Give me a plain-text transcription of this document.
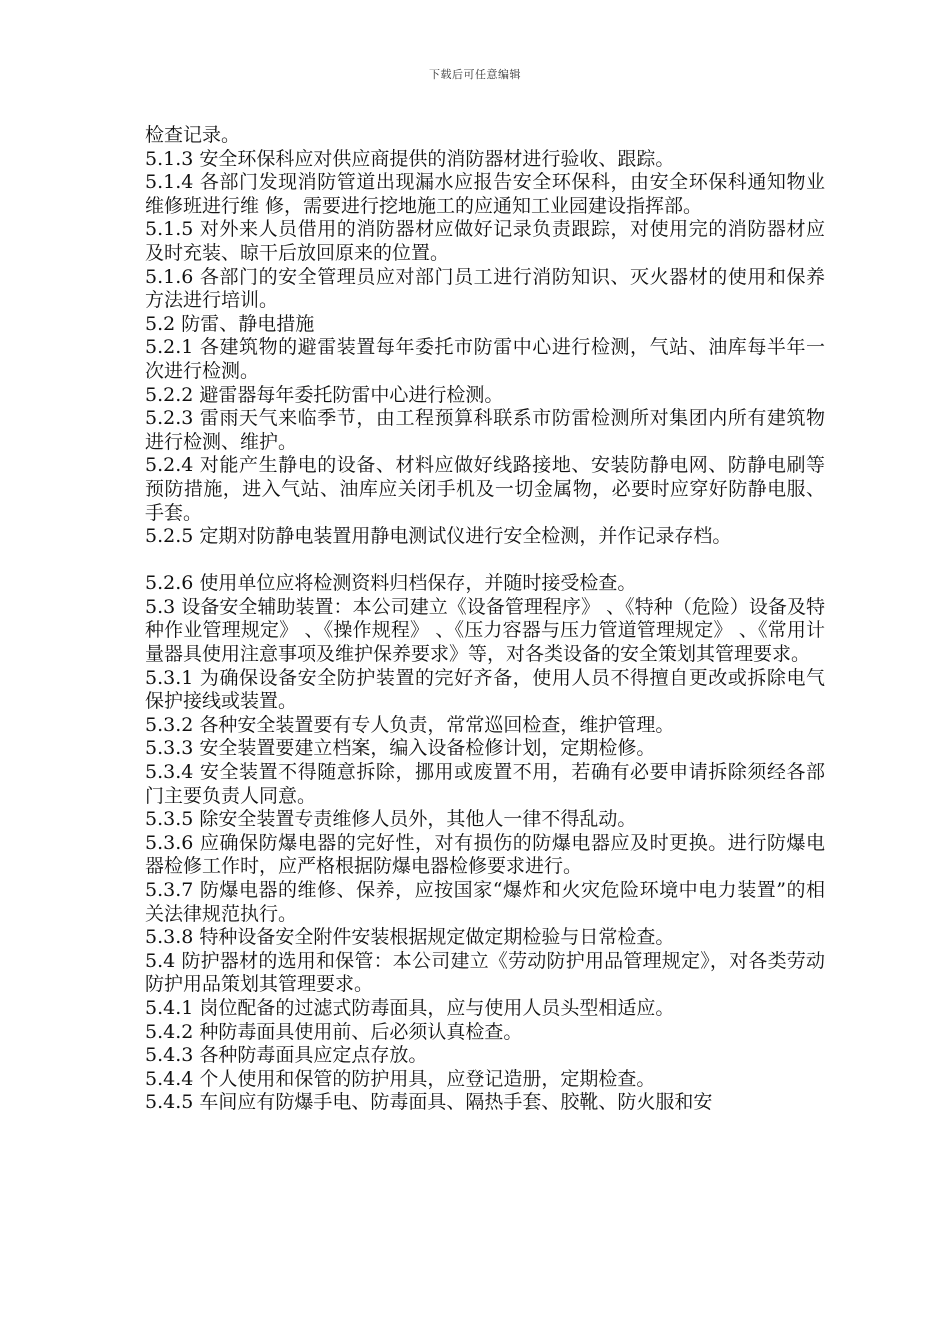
下载后可任意编辑

检查记录。

5.1.3 安全环保科应对供应商提供的消防器材进行验收、跟踪。

5.1.4 各部门发现消防管道出现漏水应报告安全环保科，由安全环保科通知物业维修班进行维 修，需要进行挖地施工的应通知工业园建设指挥部。

5.1.5 对外来人员借用的消防器材应做好记录负责跟踪，对使用完的消防器材应及时充装、晾干后放回原来的位置。

5.1.6 各部门的安全管理员应对部门员工进行消防知识、灭火器材的使用和保养方法进行培训。

5.2 防雷、静电措施

5.2.1 各建筑物的避雷装置每年委托市防雷中心进行检测，气站、油库每半年一次进行检测。

5.2.2 避雷器每年委托防雷中心进行检测。

5.2.3 雷雨天气来临季节，由工程预算科联系市防雷检测所对集团内所有建筑物进行检测、维护。

5.2.4 对能产生静电的设备、材料应做好线路接地、安装防静电网、防静电刷等预防措施，进入气站、油库应关闭手机及一切金属物，必要时应穿好防静电服、手套。

5.2.5 定期对防静电装置用静电测试仪进行安全检测，并作记录存档。

5.2.6 使用单位应将检测资料归档保存，并随时接受检查。

5.3 设备安全辅助装置：本公司建立《设备管理程序》 、《特种（危险）设备及特种作业管理规定》 、《操作规程》 、《压力容器与压力管道管理规定》 、《常用计量器具使用注意事项及维护保养要求》等，对各类设备的安全策划其管理要求。

5.3.1 为确保设备安全防护装置的完好齐备，使用人员不得擅自更改或拆除电气保护接线或装置。

5.3.2 各种安全装置要有专人负责，常常巡回检查，维护管理。

5.3.3 安全装置要建立档案，编入设备检修计划，定期检修。

5.3.4 安全装置不得随意拆除，挪用或废置不用，若确有必要申请拆除须经各部门主要负责人同意。

5.3.5 除安全装置专责维修人员外，其他人一律不得乱动。

5.3.6 应确保防爆电器的完好性，对有损伤的防爆电器应及时更换。进行防爆电器检修工作时，应严格根据防爆电器检修要求进行。

5.3.7 防爆电器的维修、保养，应按国家“爆炸和火灾危险环境中电力装置”的相关法律规范执行。

5.3.8 特种设备安全附件安装根据规定做定期检验与日常检查。

5.4 防护器材的选用和保管：本公司建立《劳动防护用品管理规定》，对各类劳动防护用品策划其管理要求。

5.4.1 岗位配备的过滤式防毒面具，应与使用人员头型相适应。

5.4.2 种防毒面具使用前、后必须认真检查。

5.4.3 各种防毒面具应定点存放。

5.4.4 个人使用和保管的防护用具，应登记造册，定期检查。

5.4.5 车间应有防爆手电、防毒面具、隔热手套、胶靴、防火服和安
